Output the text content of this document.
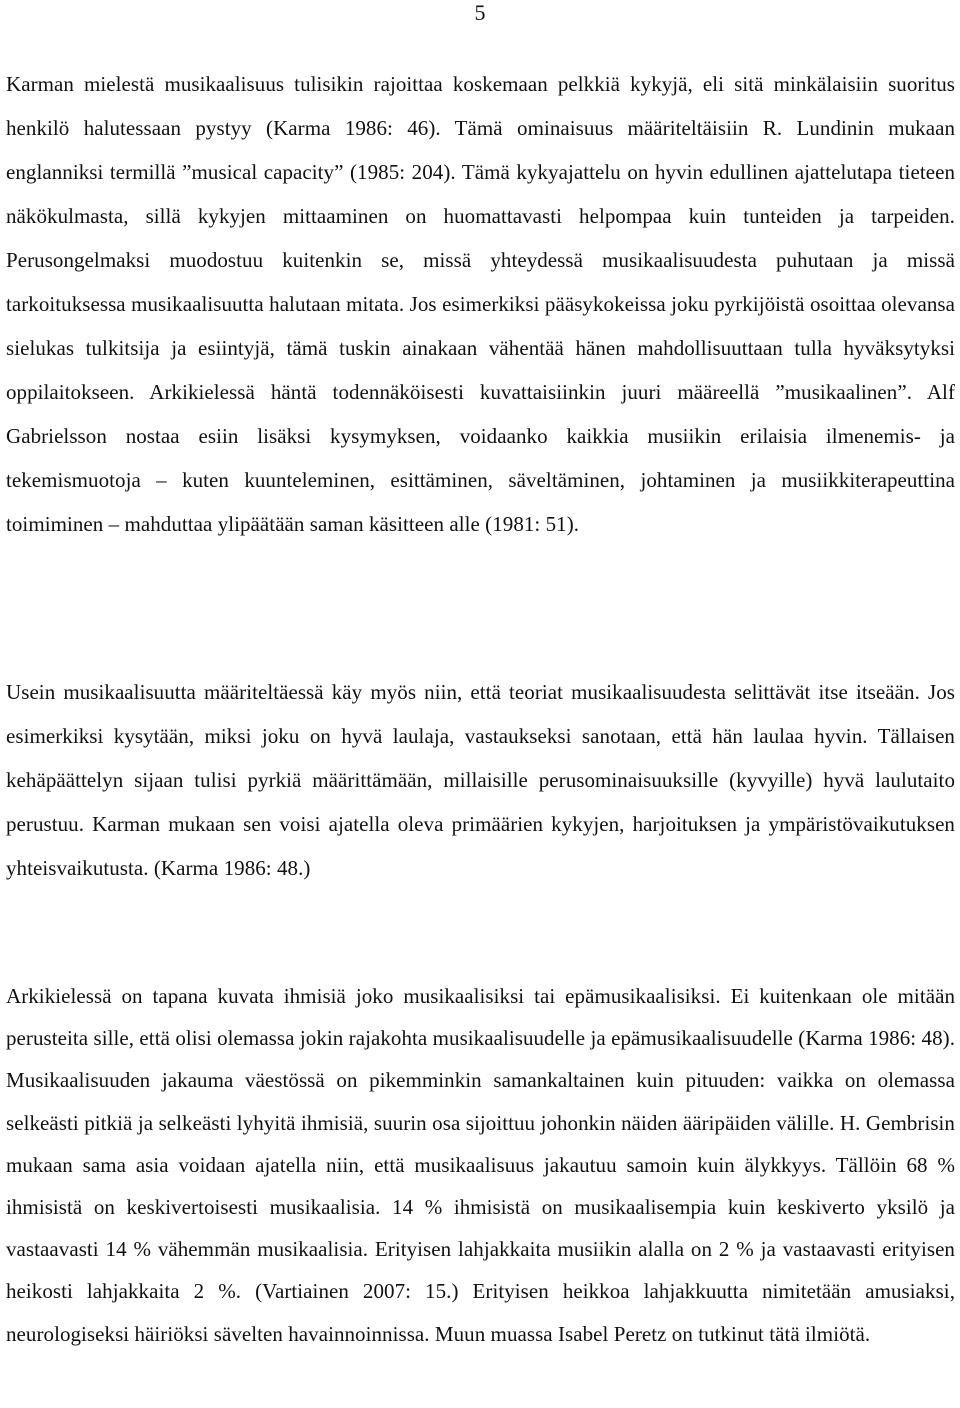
5

Karman mielestä musikaalisuus tulisikin rajoittaa koskemaan pelkkiä kykyjä, eli sitä minkälaisiin suoritus henkilö halutessaan pystyy (Karma 1986: 46). Tämä ominaisuus määriteltäisiin R. Lundinin mukaan englanniksi termillä ”musical capacity” (1985: 204). Tämä kykyajattelu on hyvin edullinen ajattelutapa tieteen näkökulmasta, sillä kykyjen mittaaminen on huomattavasti helpompaa kuin tunteiden ja tarpeiden. Perusongelmaksi muodostuu kuitenkin se, missä yhteydessä musikaalisuudesta puhutaan ja missä tarkoituksessa musikaalisuutta halutaan mitata. Jos esimerkiksi pääsykokeissa joku pyrkijöistä osoittaa olevansa sielukas tulkitsija ja esiintyjä, tämä tuskin ainakaan vähentää hänen mahdollisuuttaan tulla hyväksytyksi oppilaitokseen. Arkikielessä häntä todennäköisesti kuvattaisiinkin juuri määreellä ”musikaalinen”. Alf Gabrielsson nostaa esiin lisäksi kysymyksen, voidaanko kaikkia musiikin erilaisia ilmenemis- ja tekemismuotoja – kuten kuunteleminen, esittäminen, säveltäminen, johtaminen ja musiikkiterapeuttina toimiminen – mahduttaa ylipäätään saman käsitteen alle (1981: 51).

Usein musikaalisuutta määriteltäessä käy myös niin, että teoriat musikaalisuudesta selittävät itse itseään. Jos esimerkiksi kysytään, miksi joku on hyvä laulaja, vastaukseksi sanotaan, että hän laulaa hyvin. Tällaisen kehäpäättelyn sijaan tulisi pyrkiä määrittämään, millaisille perusominaisuuksille (kyvyille) hyvä laulutaito perustuu. Karman mukaan sen voisi ajatella oleva primäärien kykyjen, harjoituksen ja ympäristövaikutuksen yhteisvaikutusta. (Karma 1986: 48.)

Arkikielessä on tapana kuvata ihmisiä joko musikaalisiksi tai epämusikaalisiksi. Ei kuitenkaan ole mitään perusteita sille, että olisi olemassa jokin rajakohta musikaalisuudelle ja epämusikaalisuudelle (Karma 1986: 48). Musikaalisuuden jakauma väestössä on pikemminkin samankaltainen kuin pituuden: vaikka on olemassa selkeästi pitkiä ja selkeästi lyhyitä ihmisiä, suurin osa sijoittuu johonkin näiden ääripäiden välille. H. Gembrisin mukaan sama asia voidaan ajatella niin, että musikaalisuus jakautuu samoin kuin älykkyys. Tällöin 68 % ihmisistä on keskivertoisesti musikaalisia. 14 % ihmisistä on musikaalisempia kuin keskiverto yksilö ja vastaavasti 14 % vähemmän musikaalisia. Erityisen lahjakkaita musiikin alalla on 2 % ja vastaavasti erityisen heikosti lahjakkaita 2 %. (Vartiainen 2007: 15.) Erityisen heikkoa lahjakkuutta nimitetään amusiaksi, neurologiseksi häiriöksi sävelten havainnoinnissa. Muun muassa Isabel Peretz on tutkinut tätä ilmiötä.
